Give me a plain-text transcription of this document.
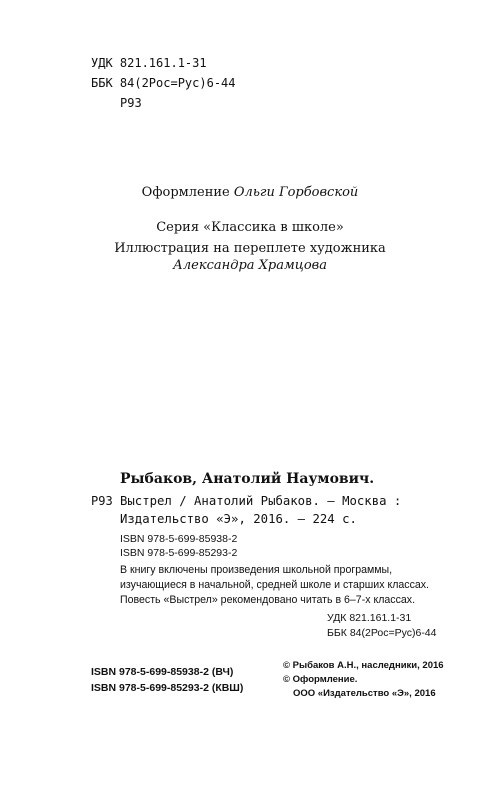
УДК 821.161.1-31
ББК 84(2Рос=Рус)6-44
Р93
Оформление Ольги Горбовской
Серия «Классика в школе»
Иллюстрация на переплете художника
Александра Храмцова
Рыбаков, Анатолий Наумович.
Р93 Выстрел / Анатолий Рыбаков. — Москва :
Издательство «Э», 2016. — 224 с.
ISBN 978-5-699-85938-2
ISBN 978-5-699-85293-2
В книгу включены произведения школьной программы,
изучающиеся в начальной, средней школе и старших классах.
Повесть «Выстрел» рекомендовано читать в 6–7-х классах.
УДК 821.161.1-31
ББК 84(2Рос=Рус)6-44
ISBN 978-5-699-85938-2 (ВЧ)
ISBN 978-5-699-85293-2 (КВШ)
© Рыбаков А.Н., наследники, 2016
© Оформление.
ООО «Издательство «Э», 2016
